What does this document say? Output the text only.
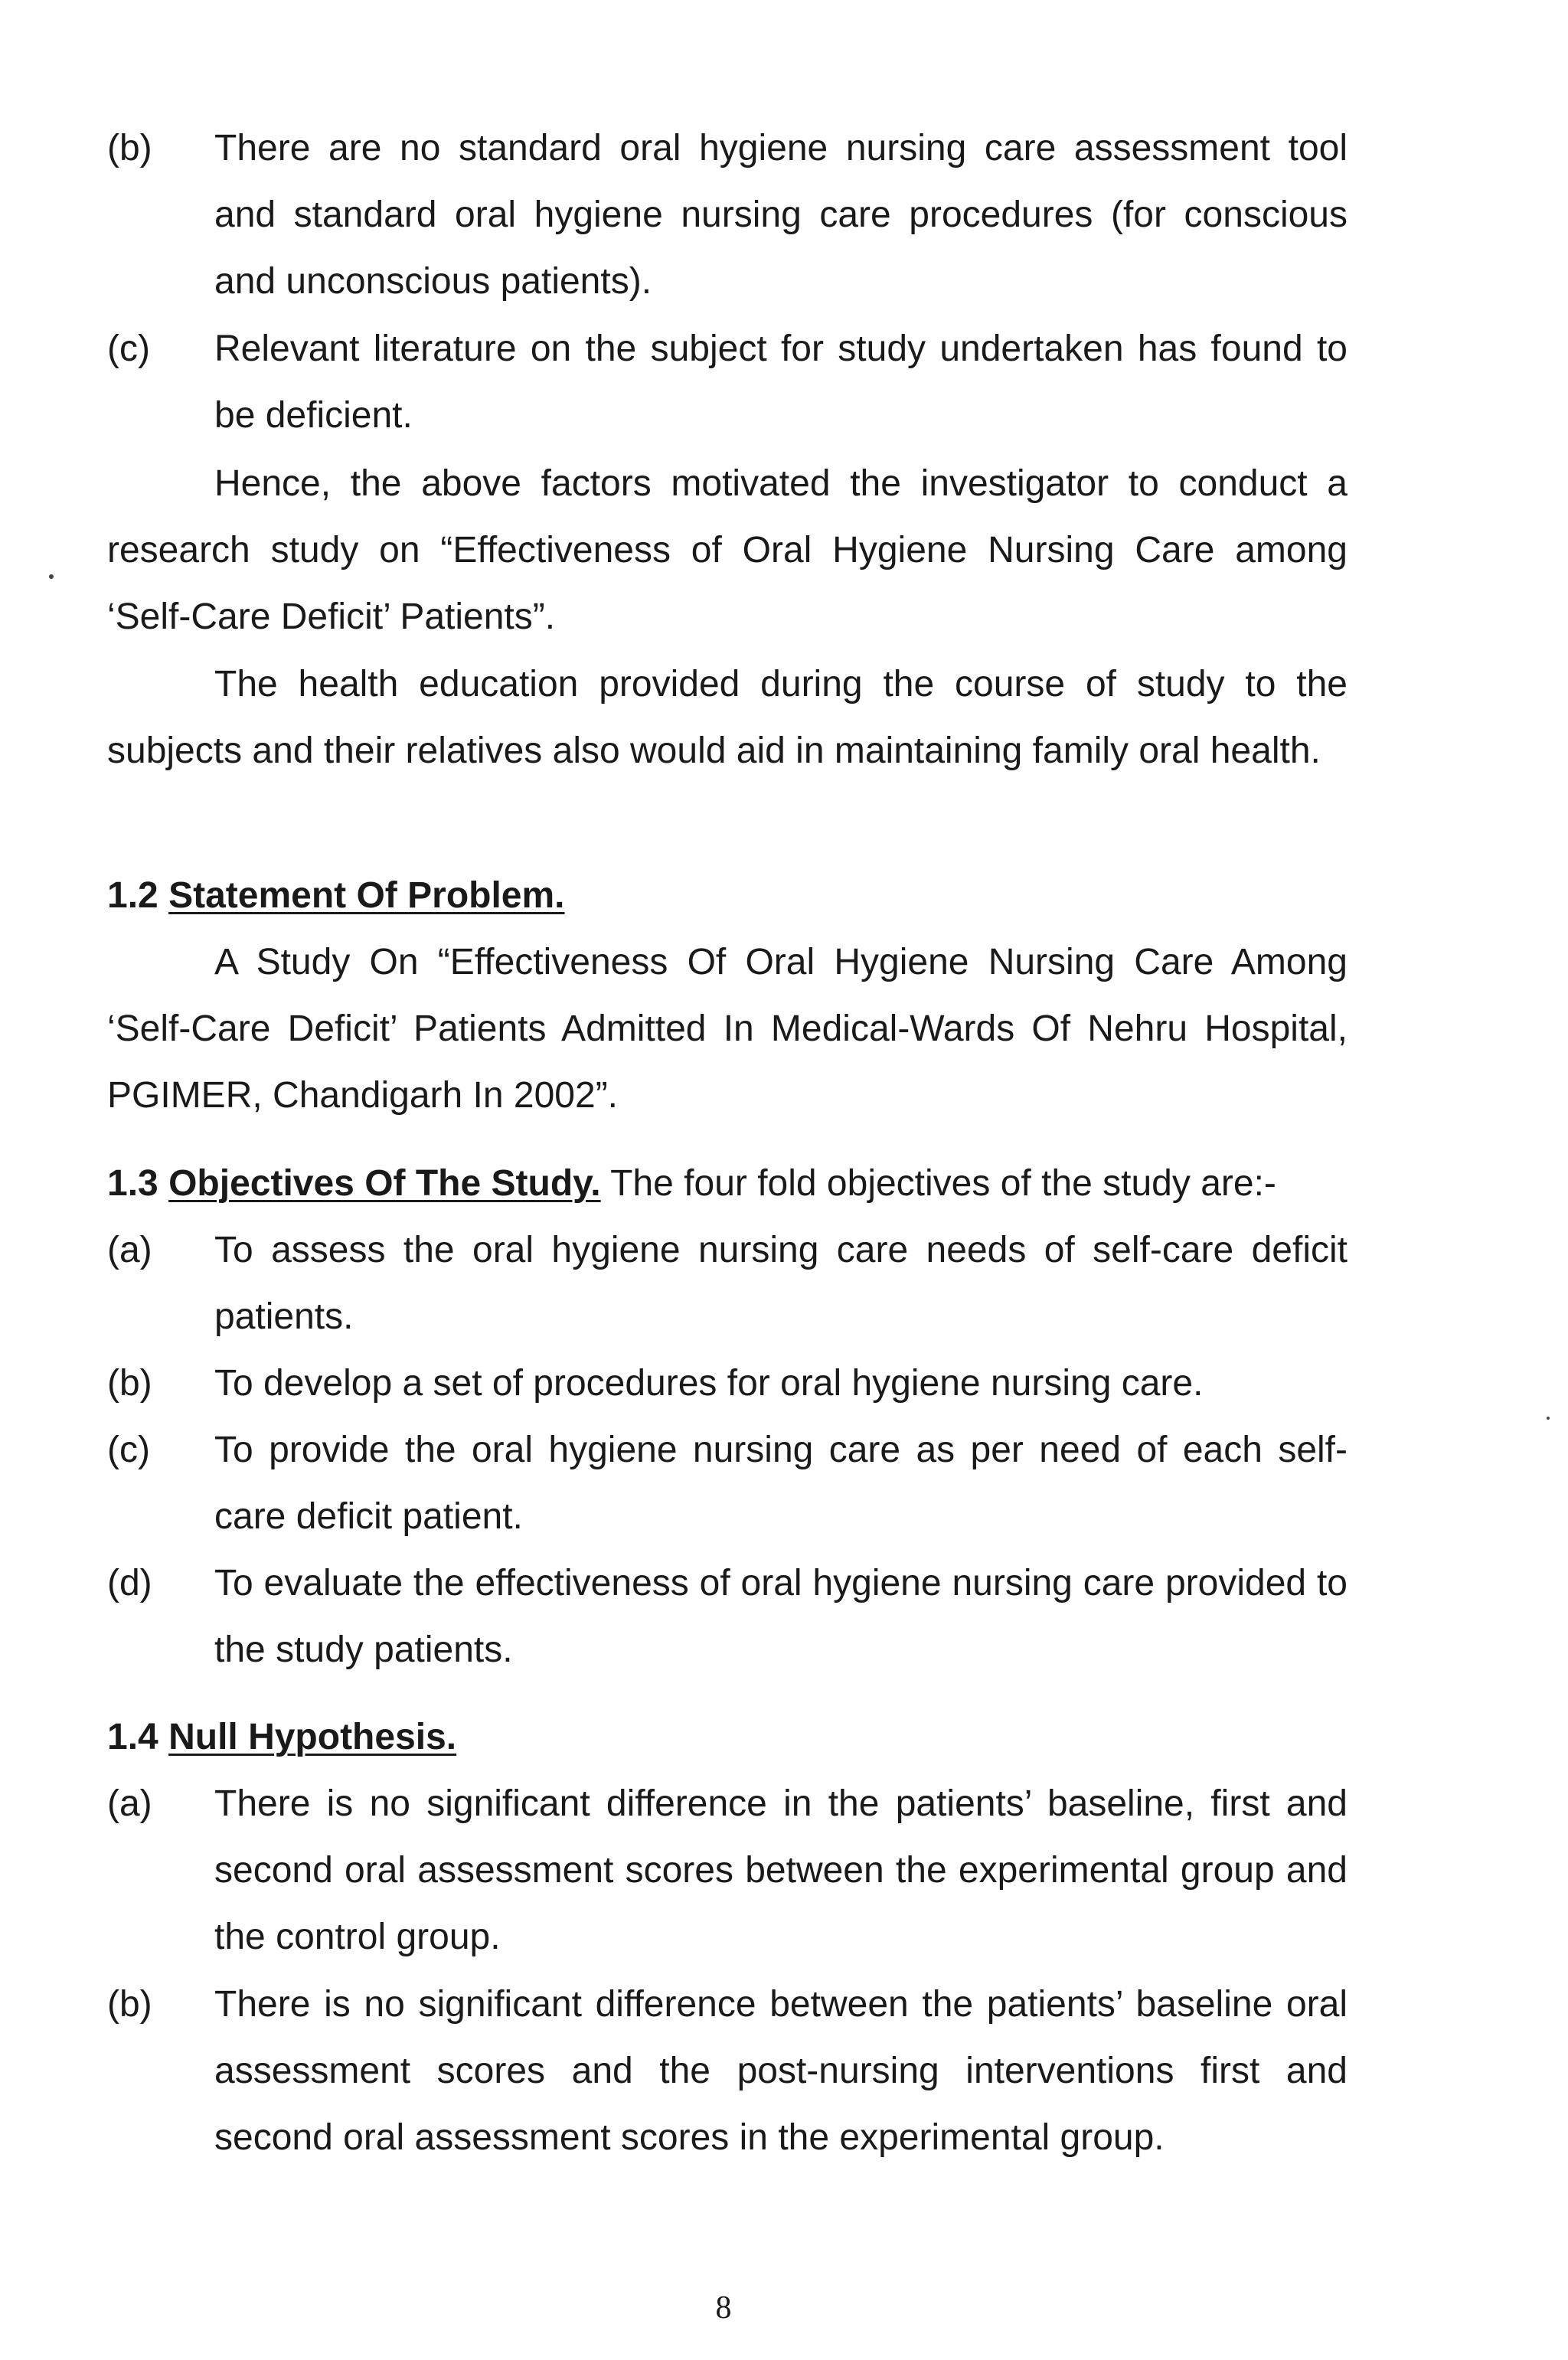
(b)	There are no standard oral hygiene nursing care assessment tool and standard oral hygiene nursing care procedures (for conscious and unconscious patients).
(c)	Relevant literature on the subject for study undertaken has found to be deficient.
Hence, the above factors motivated the investigator to conduct a research study on “Effectiveness of Oral Hygiene Nursing Care among ‘Self-Care Deficit’ Patients”.
The health education provided during the course of study to the subjects and their relatives also would aid in maintaining family oral health.
1.2 Statement Of Problem.
A Study On “Effectiveness Of Oral Hygiene Nursing Care Among ‘Self-Care Deficit’ Patients Admitted In Medical-Wards Of Nehru Hospital, PGIMER, Chandigarh In 2002”.
1.3 Objectives Of The Study. The four fold objectives of the study are:-
(a)	To assess the oral hygiene nursing care needs of self-care deficit patients.
(b)	To develop a set of procedures for oral hygiene nursing care.
(c)	To provide the oral hygiene nursing care as per need of each self-care deficit patient.
(d)	To evaluate the effectiveness of oral hygiene nursing care provided to the study patients.
1.4 Null Hypothesis.
(a)	There is no significant difference in the patients’ baseline, first and second oral assessment scores between the experimental group and the control group.
(b)	There is no significant difference between the patients’ baseline oral assessment scores and the post-nursing interventions first and second oral assessment scores in the experimental group.
8
